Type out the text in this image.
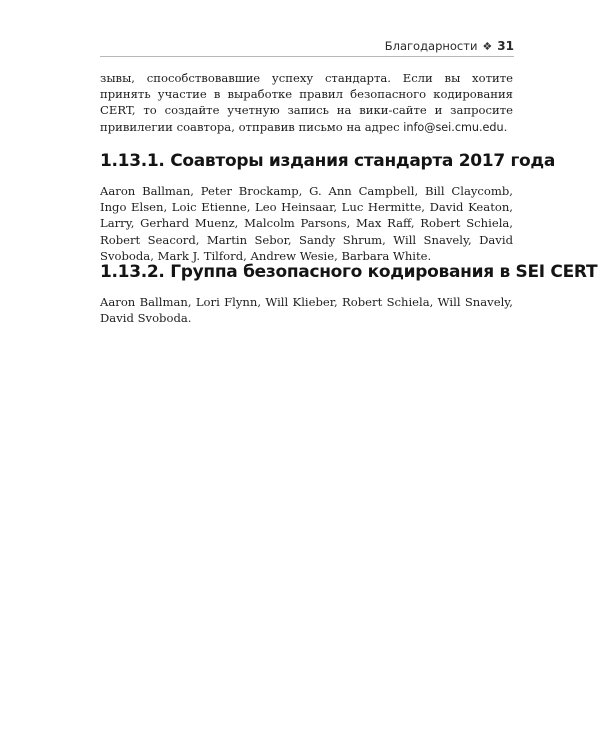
Благодарности ❖ 31

зывы, способствовавшие успеху стандарта. Если вы хотите принять участие в выработке правил безопасного кодирования CERT, то создайте учетную запись на вики-сайте и запросите привилегии соавтора, отправив письмо на адрес info@sei.cmu.edu.

1.13.1. Соавторы издания стандарта 2017 года

Aaron Ballman, Peter Brockamp, G. Ann Campbell, Bill Claycomb, Ingo Elsen, Loic Etienne, Leo Heinsaar, Luc Hermitte, David Keaton, Larry, Gerhard Muenz, Malcolm Parsons, Max Raff, Robert Schiela, Robert Seacord, Martin Sebor, Sandy Shrum, Will Snavely, David Svoboda, Mark J. Tilford, Andrew Wesie, Barbara White.

1.13.2. Группа безопасного кодирования в SEI CERT

Aaron Ballman, Lori Flynn, Will Klieber, Robert Schiela, Will Snavely, David Svoboda.
